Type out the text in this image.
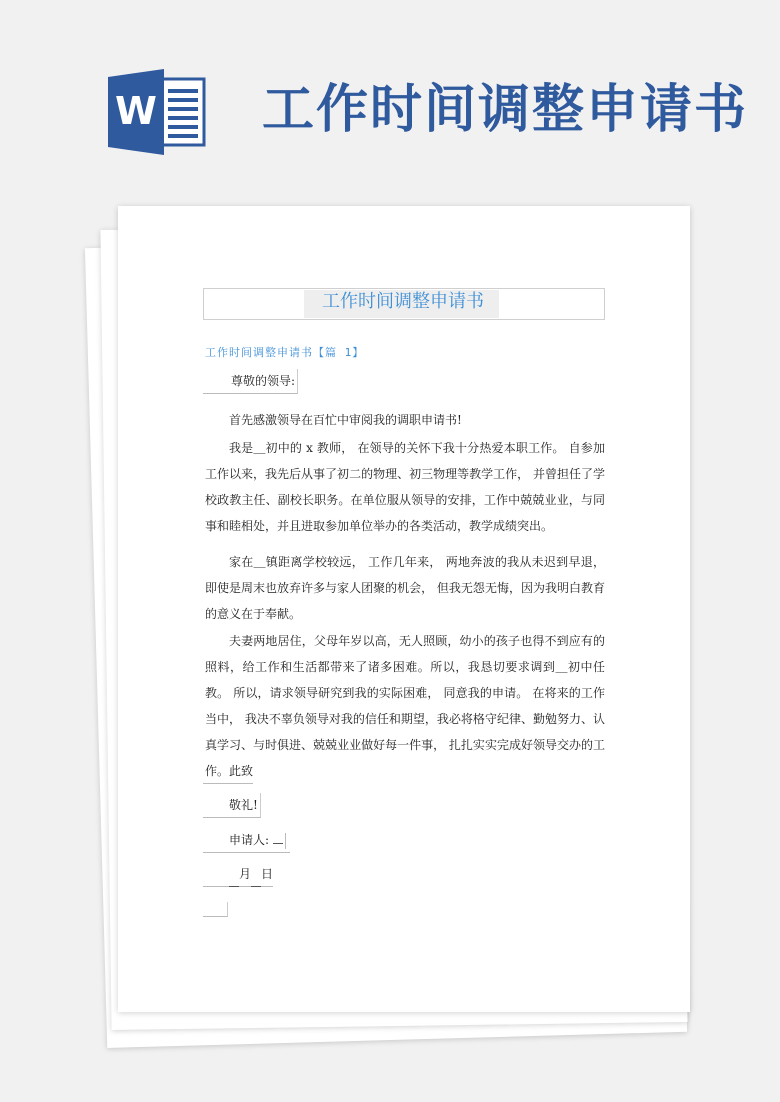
W 工作时间调整申请书
工作时间调整申请书
工作时间调整申请书【篇 1】
尊敬的领导:

首先感激领导在百忙中审阅我的调职申请书!

我是＿初中的 x 教师， 在领导的关怀下我十分热爱本职工作。 自参加工作以来，我先后从事了初二的物理、初三物理等教学工作， 并曾担任了学校政教主任、副校长职务。在单位服从领导的安排，工作中兢兢业业，与同事和睦相处，并且进取参加单位举办的各类活动，教学成绩突出。

家在＿镇距离学校较远， 工作几年来， 两地奔波的我从未迟到早退， 即使是周末也放弃许多与家人团聚的机会， 但我无怨无悔，因为我明白教育的意义在于奉献。

夫妻两地居住，父母年岁以高，无人照顾，幼小的孩子也得不到应有的照料，给工作和生活都带来了诸多困难。所以，我恳切要求调到＿初中任教。 所以，请求领导研究到我的实际困难， 同意我的申请。 在将来的工作当中， 我决不辜负领导对我的信任和期望，我必将格守纪律、勤勉努力、认真学习、与时俱进、兢兢业业做好每一件事， 扎扎实实完成好领导交办的工作。 此致
敬礼!
申请人:
月 日
